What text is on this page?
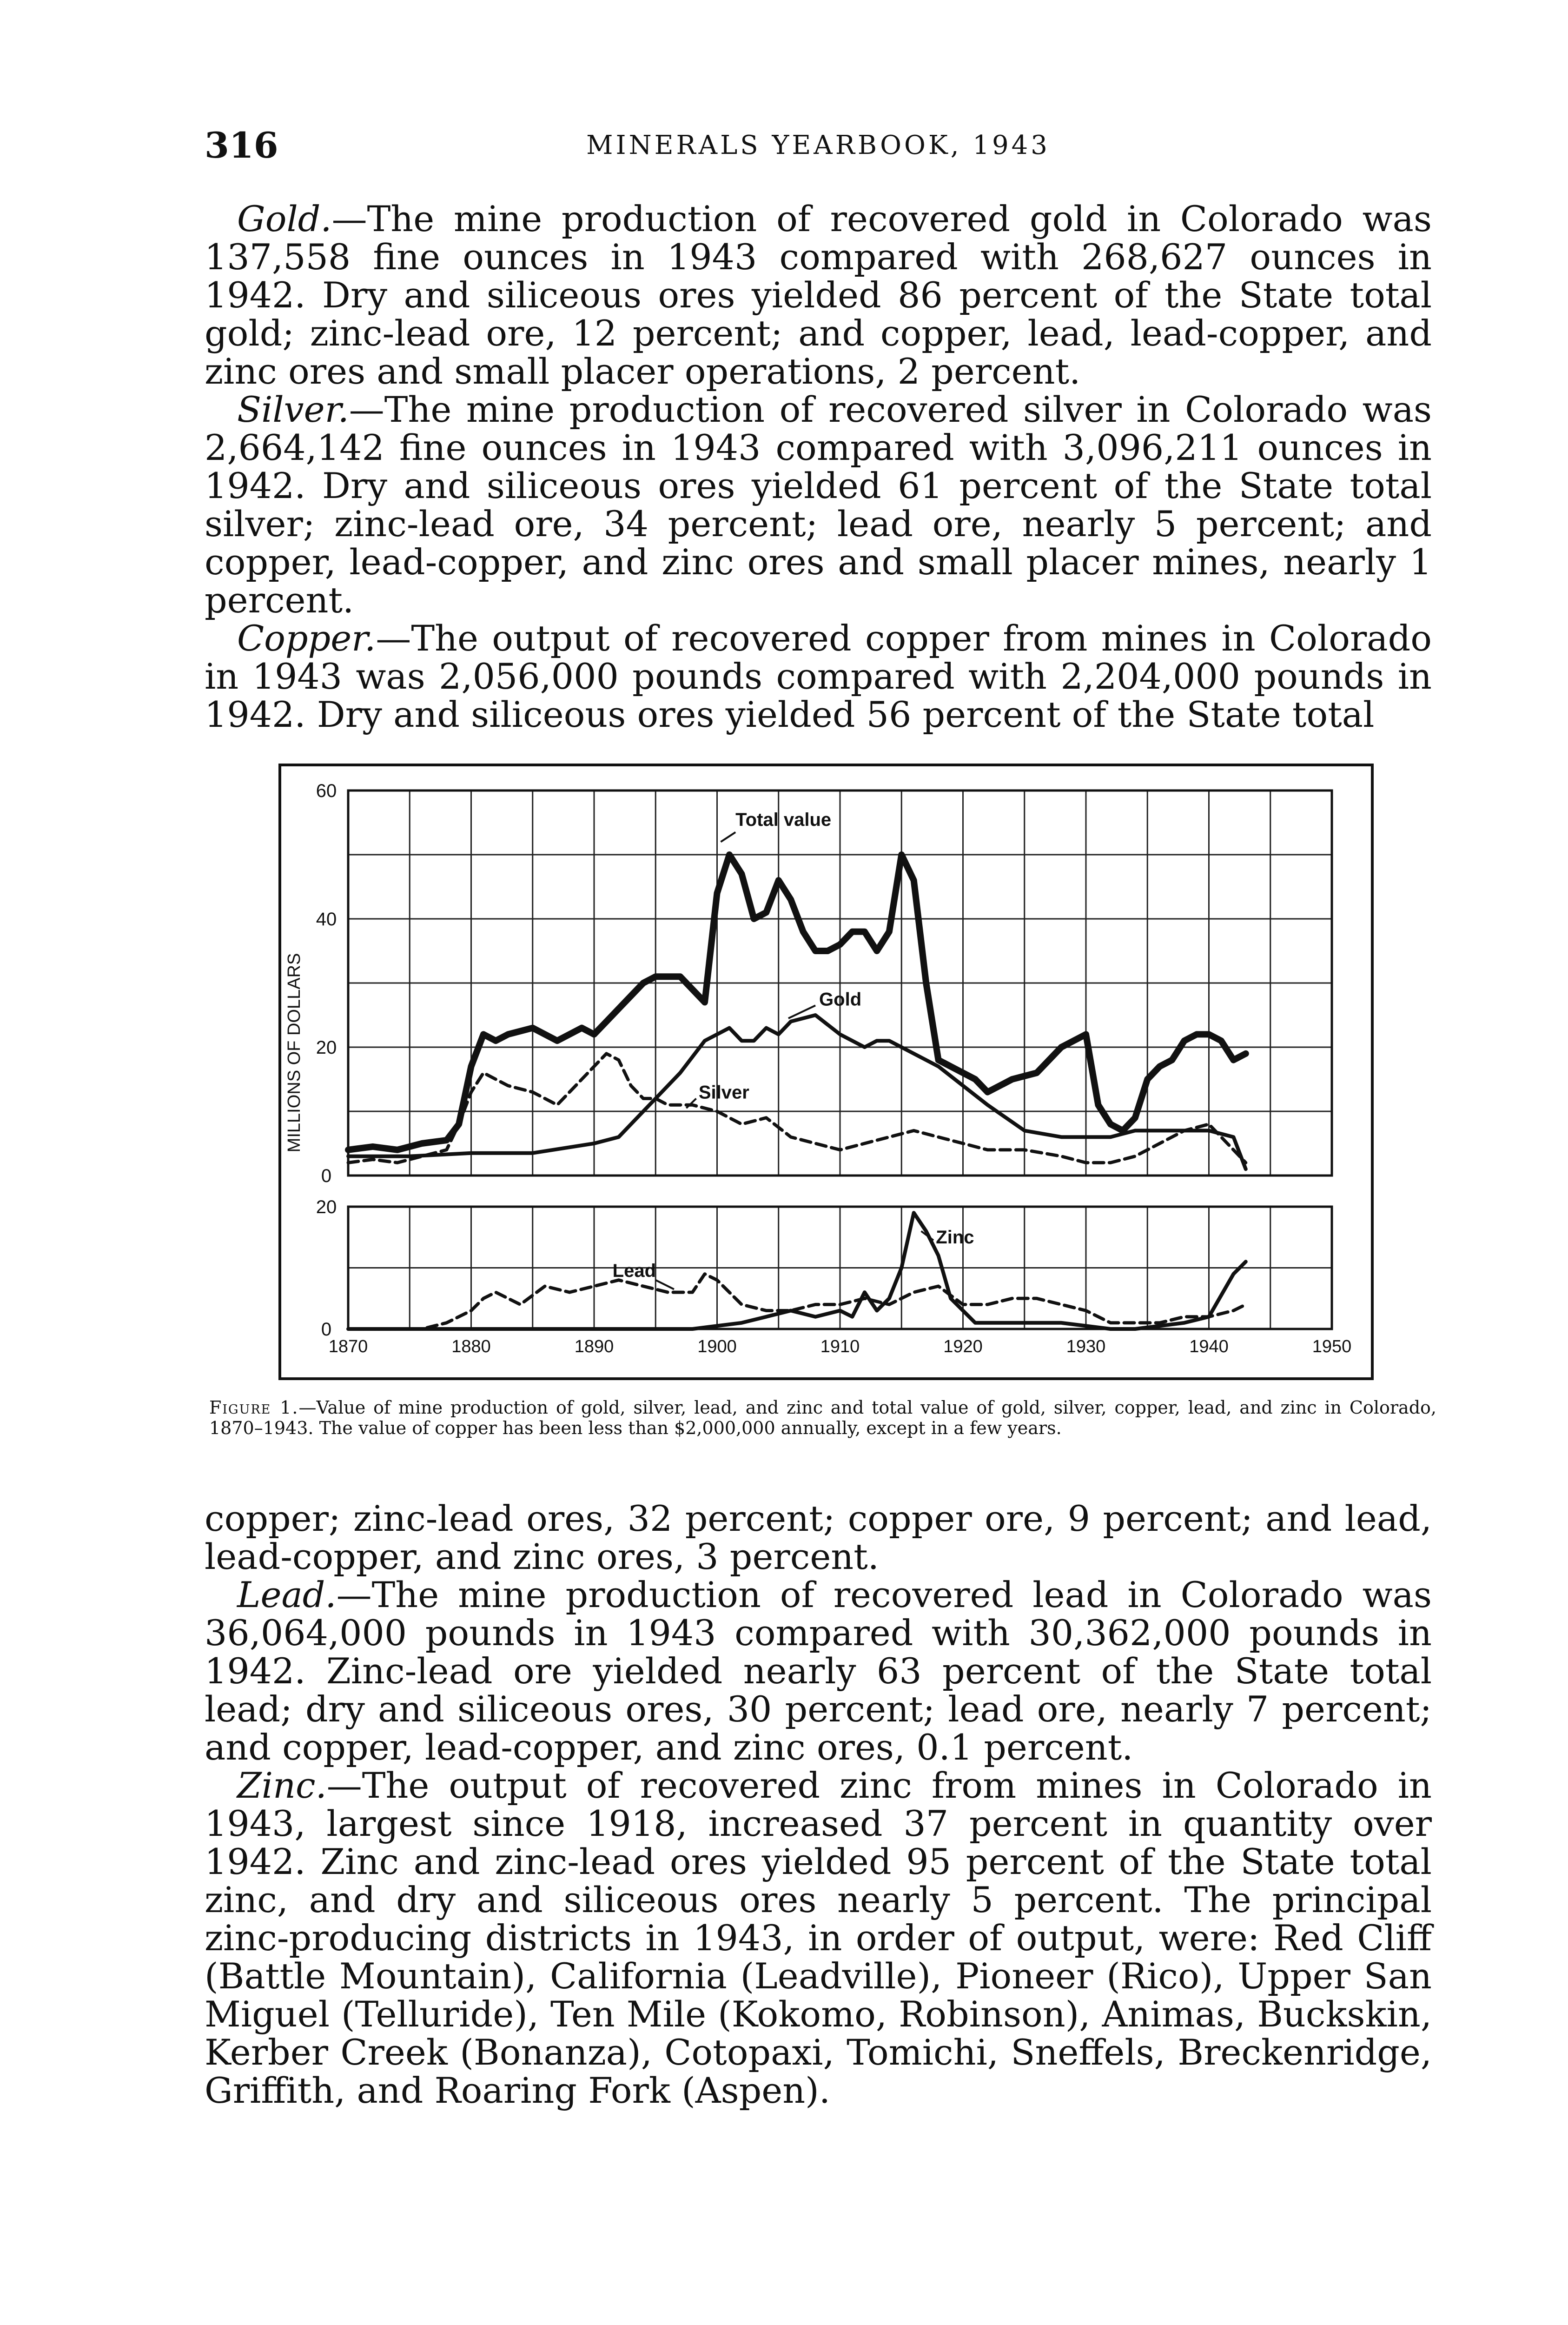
316	MINERALS YEARBOOK, 1943

Gold.—The mine production of recovered gold in Colorado was 137,558 fine ounces in 1943 compared with 268,627 ounces in 1942. Dry and siliceous ores yielded 86 percent of the State total gold; zinc-lead ore, 12 percent; and copper, lead, lead-copper, and zinc ores and small placer operations, 2 percent.

Silver.—The mine production of recovered silver in Colorado was 2,664,142 fine ounces in 1943 compared with 3,096,211 ounces in 1942. Dry and siliceous ores yielded 61 percent of the State total silver; zinc-lead ore, 34 percent; lead ore, nearly 5 percent; and copper, lead-copper, and zinc ores and small placer mines, nearly 1 percent.

Copper.—The output of recovered copper from mines in Colorado in 1943 was 2,056,000 pounds compared with 2,204,000 pounds in 1942. Dry and siliceous ores yielded 56 percent of the State total

0
20
40
60
0
20
1870	1880	1890	1900	1910	1920	1930	1940	1950
MILLIONS OF DOLLARS
Total value
Gold
Silver
Zinc
Lead
Figure 1.—Value of mine production of gold, silver, lead, and zinc and total value of gold, silver, copper, lead, and zinc in Colorado, 1870–1943. The value of copper has been less than $2,000,000 annually, except in a few years.

copper; zinc-lead ores, 32 percent; copper ore, 9 percent; and lead, lead-copper, and zinc ores, 3 percent.

Lead.—The mine production of recovered lead in Colorado was 36,064,000 pounds in 1943 compared with 30,362,000 pounds in 1942. Zinc-lead ore yielded nearly 63 percent of the State total lead; dry and siliceous ores, 30 percent; lead ore, nearly 7 percent; and copper, lead-copper, and zinc ores, 0.1 percent.

Zinc.—The output of recovered zinc from mines in Colorado in 1943, largest since 1918, increased 37 percent in quantity over 1942. Zinc and zinc-lead ores yielded 95 percent of the State total zinc, and dry and siliceous ores nearly 5 percent. The principal zinc-producing districts in 1943, in order of output, were: Red Cliff (Battle Mountain), California (Leadville), Pioneer (Rico), Upper San Miguel (Telluride), Ten Mile (Kokomo, Robinson), Animas, Buckskin, Kerber Creek (Bonanza), Cotopaxi, Tomichi, Sneffels, Breckenridge, Griffith, and Roaring Fork (Aspen).
